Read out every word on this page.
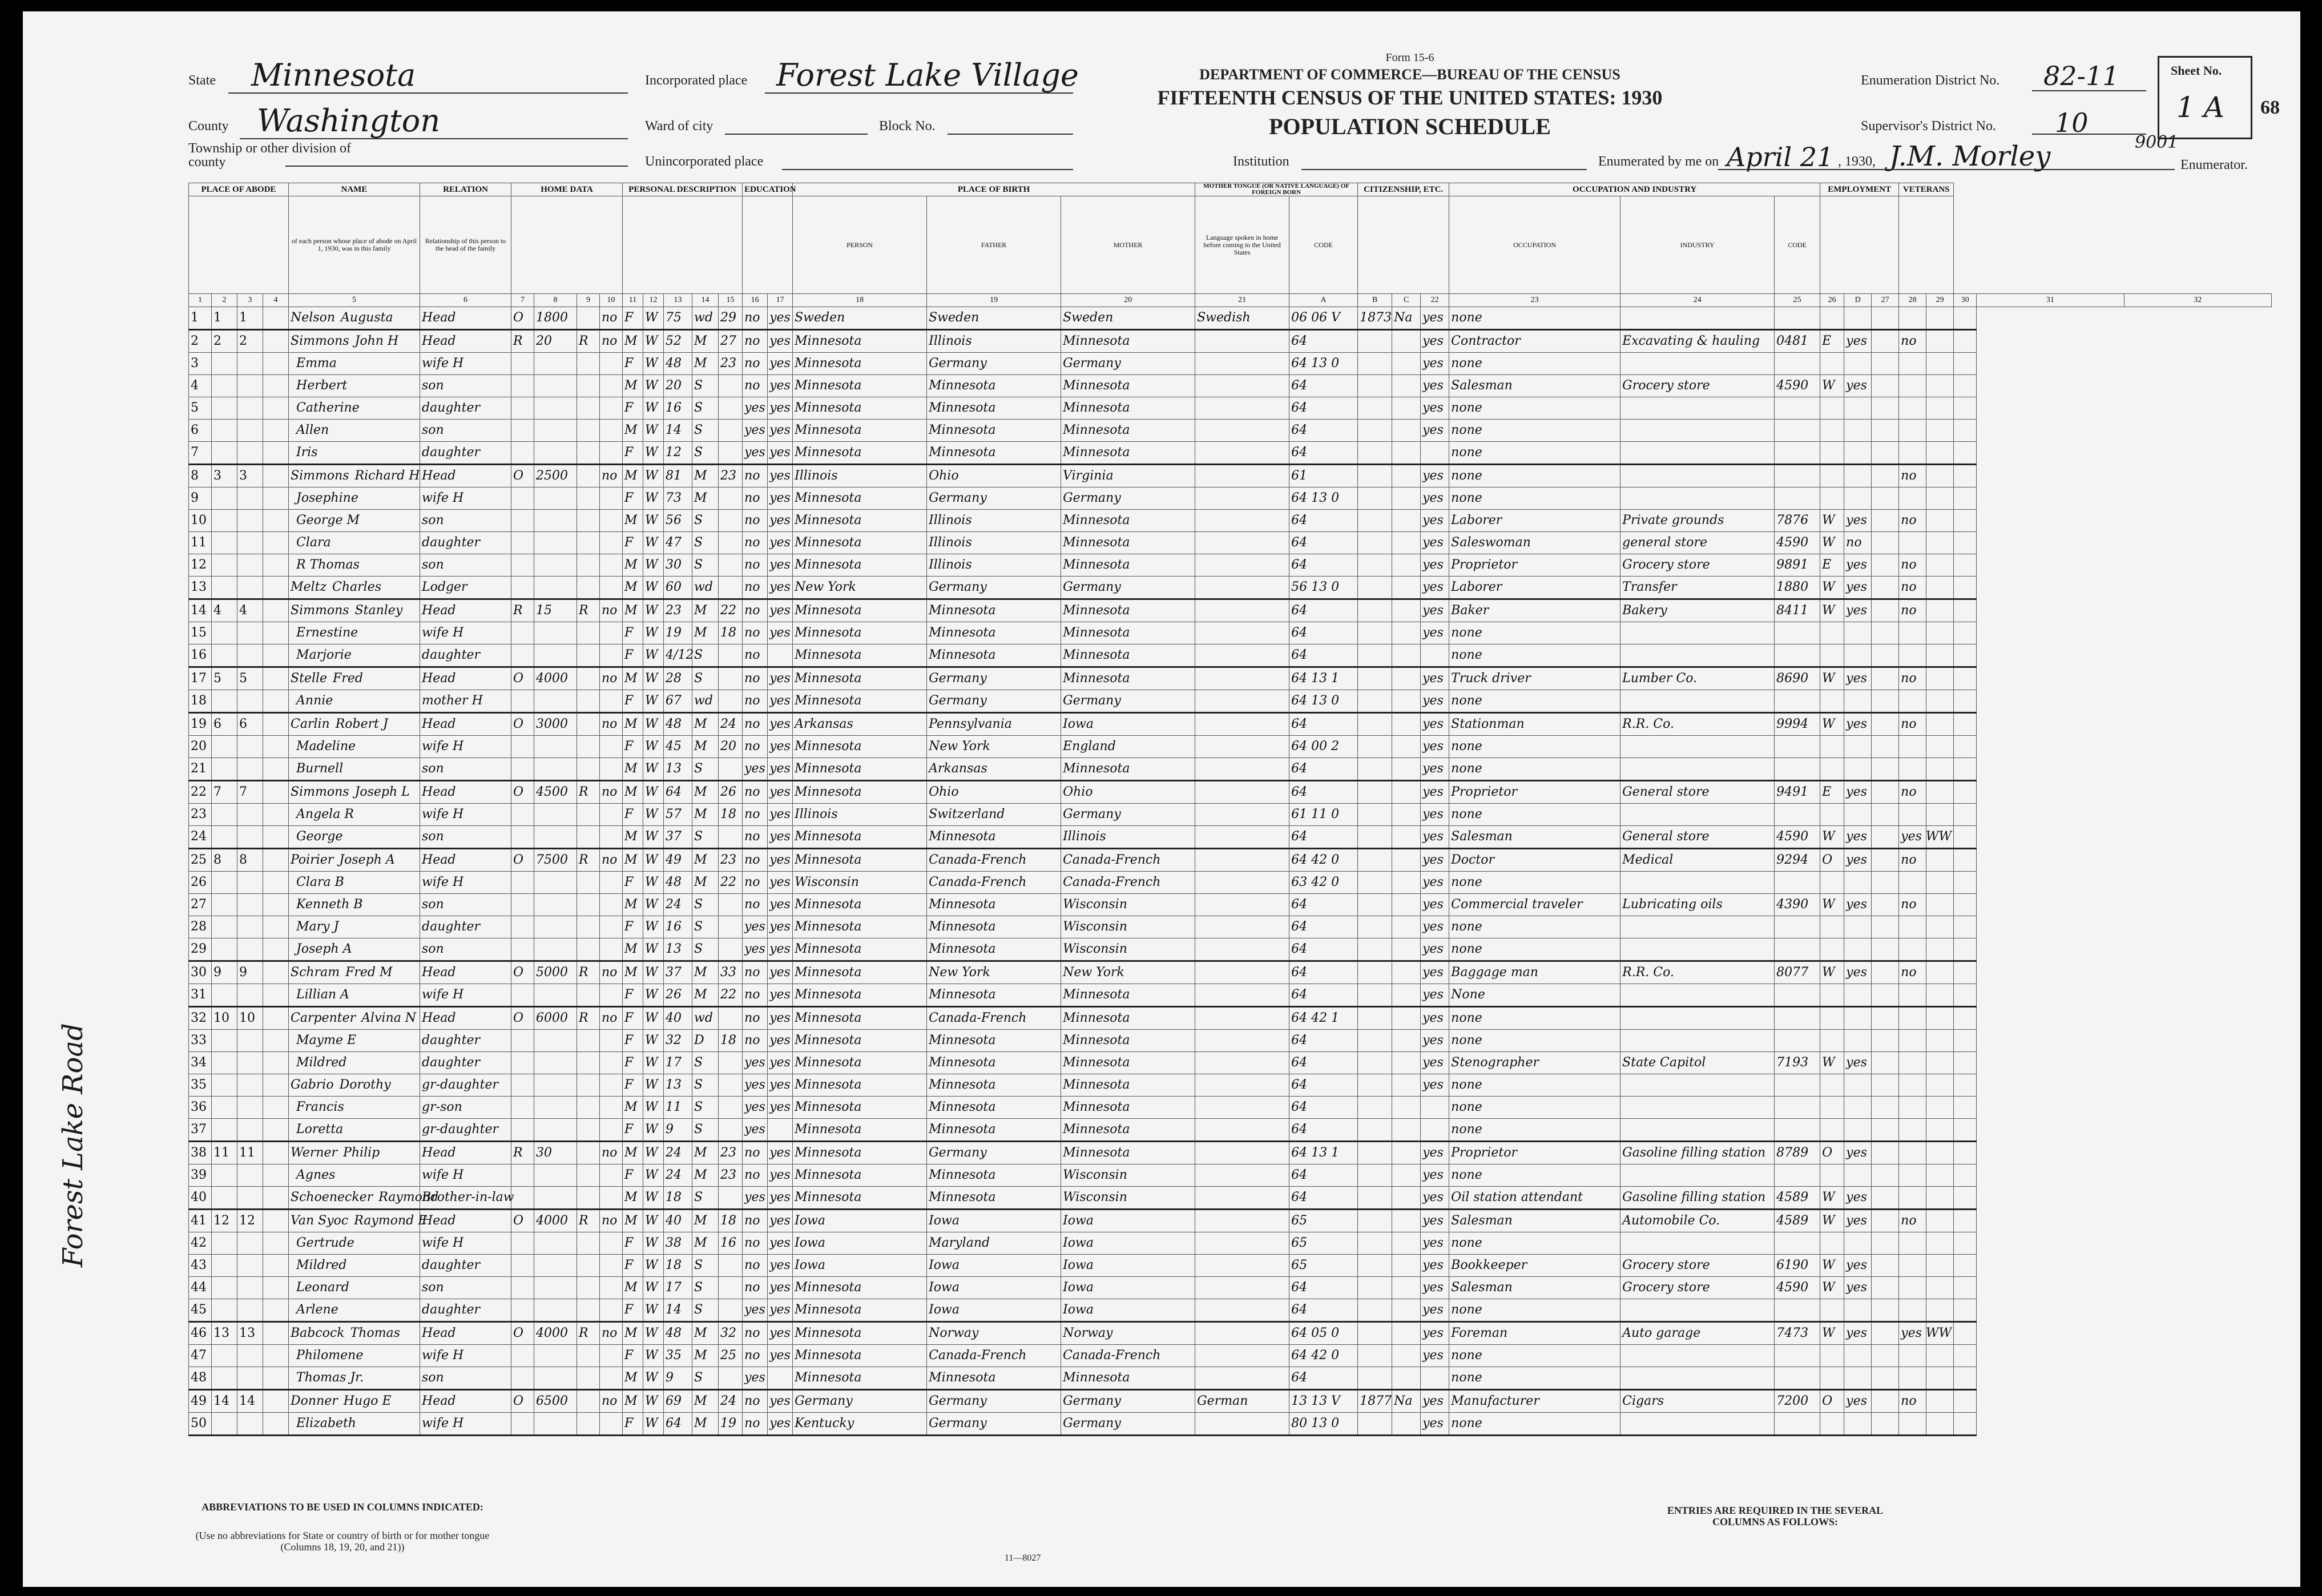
State Minnesota
County Washington
Township or other division of county
Incorporated place Forest Lake Village
Ward of city	Block No.
Unincorporated place
Form 15-6
DEPARTMENT OF COMMERCE—BUREAU OF THE CENSUS
FIFTEENTH CENSUS OF THE UNITED STATES: 1930
POPULATION SCHEDULE
Institution	Enumerated by me on April 21 , 1930, J.M. Morley	9001
Enumerator.
Enumeration District No. 82-11
Supervisor's District No. 10
Sheet No.
1 A 68
Forest Lake Road
PLACE OF ABODE				NAME	RELATION	HOME DATA				PERSONAL DESCRIPTION					EDUCATION		PLACE OF BIRTH			MOTHER TONGUE (OR NATIVE LANGUAGE) OF FOREIGN BORN		CITIZENSHIP, ETC.			OCCUPATION AND INDUSTRY			EMPLOYMENT			VETERANS				
				of each person whose place of abode on April 1, 1930, was in this family	Relationship of this person to the head of the family												PERSON	FATHER	MOTHER	Language spoken in home before coming to the United States	CODE				OCCUPATION	INDUSTRY	CODE								
1	2	3	4	5	6	7	8	9	10	11	12	13	14	15	16	17	18	19	20	21	A	B	C	22	23	24	25	26	D	27	28	29	30	31	32
1	1	1		Nelson Augusta	Head	O	1800		no	F	W	75	wd	29	no	yes	Sweden	Sweden	Sweden	Swedish	06 06 V	1873	Na	yes	none										
2	2	2		Simmons John H	Head	R	20	R	no	M	W	52	M	27	no	yes	Minnesota	Illinois	Minnesota		64			yes	Contractor	Excavating & hauling	0481	E	yes		no				
3				Emma	wife H					F	W	48	M	23	no	yes	Minnesota	Germany	Germany		64 13 0			yes	none										
4				Herbert	son					M	W	20	S		no	yes	Minnesota	Minnesota	Minnesota		64			yes	Salesman	Grocery store	4590	W	yes						
5				Catherine	daughter					F	W	16	S		yes	yes	Minnesota	Minnesota	Minnesota		64			yes	none										
6				Allen	son					M	W	14	S		yes	yes	Minnesota	Minnesota	Minnesota		64			yes	none										
7				Iris	daughter					F	W	12	S		yes	yes	Minnesota	Minnesota	Minnesota		64				none										
8	3	3		Simmons Richard H	Head	O	2500		no	M	W	81	M	23	no	yes	Illinois	Ohio	Virginia		61			yes	none						no				
9				Josephine	wife H					F	W	73	M		no	yes	Minnesota	Germany	Germany		64 13 0			yes	none										
10				George M	son					M	W	56	S		no	yes	Minnesota	Illinois	Minnesota		64			yes	Laborer	Private grounds	7876	W	yes		no				
11				Clara	daughter					F	W	47	S		no	yes	Minnesota	Illinois	Minnesota		64			yes	Saleswoman	general store	4590	W	no						
12				R Thomas	son					M	W	30	S		no	yes	Minnesota	Illinois	Minnesota		64			yes	Proprietor	Grocery store	9891	E	yes		no				
13				Meltz Charles	Lodger					M	W	60	wd		no	yes	New York	Germany	Germany		56 13 0			yes	Laborer	Transfer	1880	W	yes		no				
14	4	4		Simmons Stanley	Head	R	15	R	no	M	W	23	M	22	no	yes	Minnesota	Minnesota	Minnesota		64			yes	Baker	Bakery	8411	W	yes		no				
15				Ernestine	wife H					F	W	19	M	18	no	yes	Minnesota	Minnesota	Minnesota		64			yes	none										
16				Marjorie	daughter					F	W	4/12	S		no		Minnesota	Minnesota	Minnesota		64				none										
17	5	5		Stelle Fred	Head	O	4000		no	M	W	28	S		no	yes	Minnesota	Germany	Minnesota		64 13 1			yes	Truck driver	Lumber Co.	8690	W	yes		no				
18				Annie	mother H					F	W	67	wd		no	yes	Minnesota	Germany	Germany		64 13 0			yes	none										
19	6	6		Carlin Robert J	Head	O	3000		no	M	W	48	M	24	no	yes	Arkansas	Pennsylvania	Iowa		64			yes	Stationman	R.R. Co.	9994	W	yes		no				
20				Madeline	wife H					F	W	45	M	20	no	yes	Minnesota	New York	England		64 00 2			yes	none										
21				Burnell	son					M	W	13	S		yes	yes	Minnesota	Arkansas	Minnesota		64			yes	none										
22	7	7		Simmons Joseph L	Head	O	4500	R	no	M	W	64	M	26	no	yes	Minnesota	Ohio	Ohio		64			yes	Proprietor	General store	9491	E	yes		no				
23				Angela R	wife H					F	W	57	M	18	no	yes	Illinois	Switzerland	Germany		61 11 0			yes	none										
24				George	son					M	W	37	S		no	yes	Minnesota	Minnesota	Illinois		64			yes	Salesman	General store	4590	W	yes		yes WW				
25	8	8		Poirier Joseph A	Head	O	7500	R	no	M	W	49	M	23	no	yes	Minnesota	Canada-French	Canada-French		64 42 0			yes	Doctor	Medical	9294	O	yes		no				
26				Clara B	wife H					F	W	48	M	22	no	yes	Wisconsin	Canada-French	Canada-French		63 42 0			yes	none										
27				Kenneth B	son					M	W	24	S		no	yes	Minnesota	Minnesota	Wisconsin		64			yes	Commercial traveler	Lubricating oils	4390	W	yes		no				
28				Mary J	daughter					F	W	16	S		yes	yes	Minnesota	Minnesota	Wisconsin		64			yes	none										
29				Joseph A	son					M	W	13	S		yes	yes	Minnesota	Minnesota	Wisconsin		64			yes	none										
30	9	9		Schram Fred M	Head	O	5000	R	no	M	W	37	M	33	no	yes	Minnesota	New York	New York		64			yes	Baggage man	R.R. Co.	8077	W	yes		no				
31				Lillian A	wife H					F	W	26	M	22	no	yes	Minnesota	Minnesota	Minnesota		64			yes	None										
32	10	10		Carpenter Alvina N	Head	O	6000	R	no	F	W	40	wd		no	yes	Minnesota	Canada-French	Minnesota		64 42 1			yes	none										
33				Mayme E	daughter					F	W	32	D	18	no	yes	Minnesota	Minnesota	Minnesota		64			yes	none										
34				Mildred	daughter					F	W	17	S		yes	yes	Minnesota	Minnesota	Minnesota		64			yes	Stenographer	State Capitol	7193	W	yes						
35				Gabrio Dorothy	gr-daughter					F	W	13	S		yes	yes	Minnesota	Minnesota	Minnesota		64			yes	none										
36				Francis	gr-son					M	W	11	S		yes	yes	Minnesota	Minnesota	Minnesota		64				none										
37				Loretta	gr-daughter					F	W	9	S		yes		Minnesota	Minnesota	Minnesota		64				none										
38	11	11		Werner Philip	Head	R	30		no	M	W	24	M	23	no	yes	Minnesota	Germany	Minnesota		64 13 1			yes	Proprietor	Gasoline filling station	8789	O	yes						
39				Agnes	wife H					F	W	24	M	23	no	yes	Minnesota	Minnesota	Wisconsin		64			yes	none										
40				Schoenecker Raymond	Brother-in-law					M	W	18	S		yes	yes	Minnesota	Minnesota	Wisconsin		64			yes	Oil station attendant	Gasoline filling station	4589	W	yes						
41	12	12		Van Syoc Raymond E	Head	O	4000	R	no	M	W	40	M	18	no	yes	Iowa	Iowa	Iowa		65			yes	Salesman	Automobile Co.	4589	W	yes		no				
42				Gertrude	wife H					F	W	38	M	16	no	yes	Iowa	Maryland	Iowa		65			yes	none										
43				Mildred	daughter					F	W	18	S		no	yes	Iowa	Iowa	Iowa		65			yes	Bookkeeper	Grocery store	6190	W	yes						
44				Leonard	son					M	W	17	S		no	yes	Minnesota	Iowa	Iowa		64			yes	Salesman	Grocery store	4590	W	yes						
45				Arlene	daughter					F	W	14	S		yes	yes	Minnesota	Iowa	Iowa		64			yes	none										
46	13	13		Babcock Thomas	Head	O	4000	R	no	M	W	48	M	32	no	yes	Minnesota	Norway	Norway		64 05 0			yes	Foreman	Auto garage	7473	W	yes		yes WW				
47				Philomene	wife H					F	W	35	M	25	no	yes	Minnesota	Canada-French	Canada-French		64 42 0			yes	none										
48				Thomas Jr.	son					M	W	9	S		yes		Minnesota	Minnesota	Minnesota		64				none										
49	14	14		Donner Hugo E	Head	O	6500		no	M	W	69	M	24	no	yes	Germany	Germany	Germany	German	13 13 V	1877	Na	yes	Manufacturer	Cigars	7200	O	yes		no				
50				Elizabeth	wife H					F	W	64	M	19	no	yes	Kentucky	Germany	Germany		80 13 0			yes	none										
ABBREVIATIONS TO BE USED IN COLUMNS INDICATED:
(Use no abbreviations for State or country of birth or for mother tongue (Columns 18, 19, 20, and 21))
ENTRIES ARE REQUIRED IN THE SEVERAL COLUMNS AS FOLLOWS:
11—8027
